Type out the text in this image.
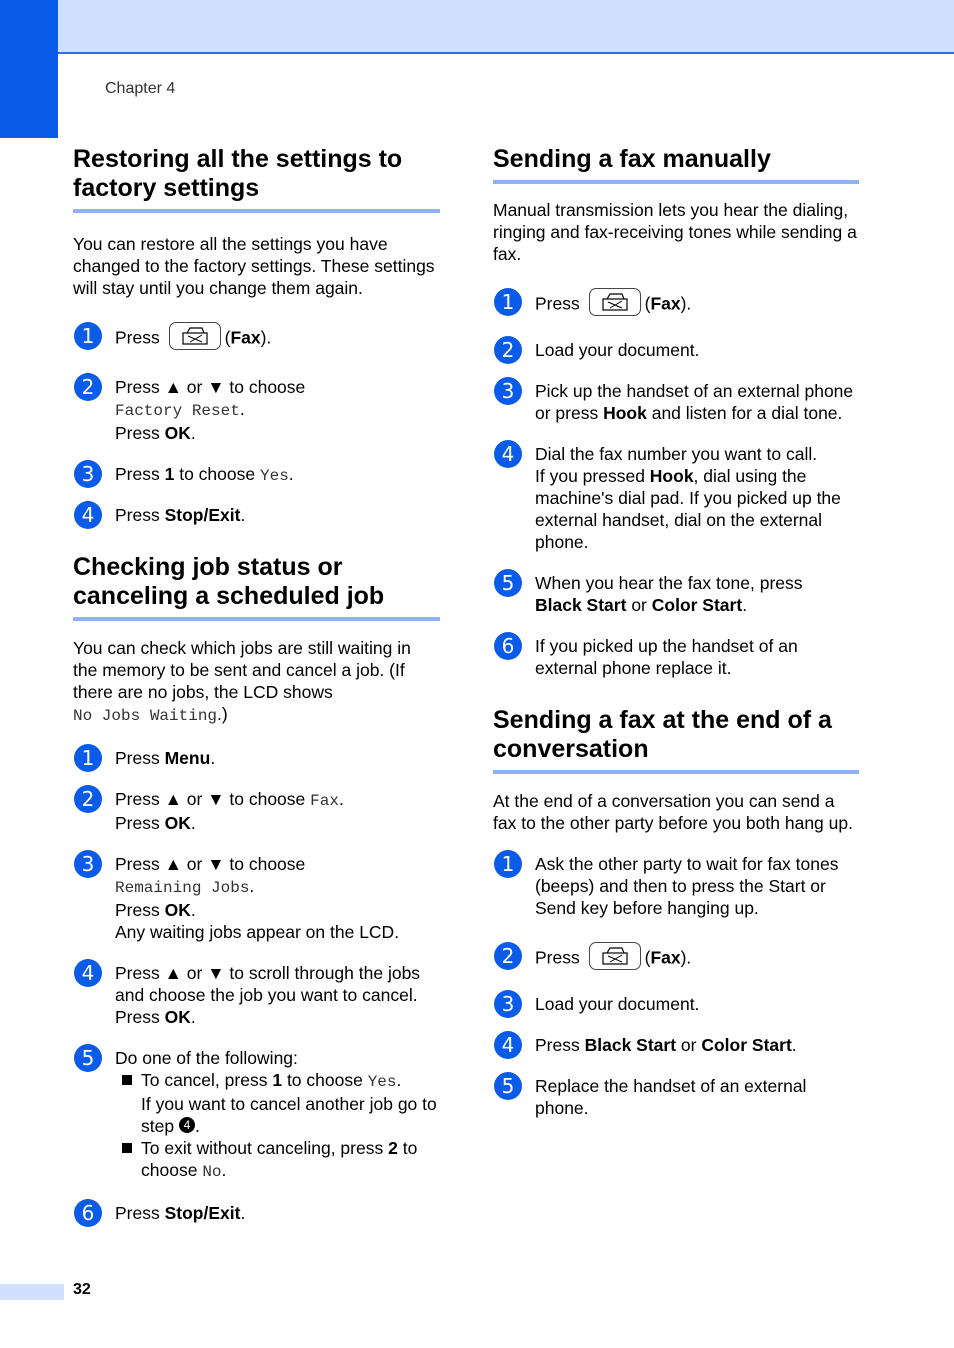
Chapter 4
Restoring all the settings to factory settings

You can restore all the settings you have changed to the factory settings. These settings will stay until you change them again.

1	Press	(Fax).
2	Press ▲ or ▼ to choose
Factory Reset.
Press OK.
3	Press 1 to choose Yes.
4	Press Stop/Exit.
Checking job status or canceling a scheduled job

You can check which jobs are still waiting in the memory to be sent and cancel a job. (If there are no jobs, the LCD shows
No Jobs Waiting.)

1	Press Menu.
2	Press ▲ or ▼ to choose Fax.
Press OK.
3	Press ▲ or ▼ to choose
Remaining Jobs.
Press OK.
Any waiting jobs appear on the LCD.
4	Press ▲ or ▼ to scroll through the jobs and choose the job you want to cancel.
Press OK.
5	Do one of the following:
To cancel, press 1 to choose Yes.
If you want to cancel another job go to step 4 .
To exit without canceling, press 2 to choose No.
6	Press Stop/Exit.
Sending a fax manually

Manual transmission lets you hear the dialing, ringing and fax-receiving tones while sending a fax.

1	Press	(Fax).
2	Load your document.
3	Pick up the handset of an external phone or press Hook and listen for a dial tone.
4	Dial the fax number you want to call.
If you pressed Hook, dial using the machine's dial pad. If you picked up the external handset, dial on the external phone.
5	When you hear the fax tone, press
Black Start or Color Start.
6	If you picked up the handset of an external phone replace it.
Sending a fax at the end of a conversation

At the end of a conversation you can send a fax to the other party before you both hang up.

1	Ask the other party to wait for fax tones (beeps) and then to press the Start or Send key before hanging up.
2	Press	(Fax).
3	Load your document.
4	Press Black Start or Color Start.
5	Replace the handset of an external phone.
32
